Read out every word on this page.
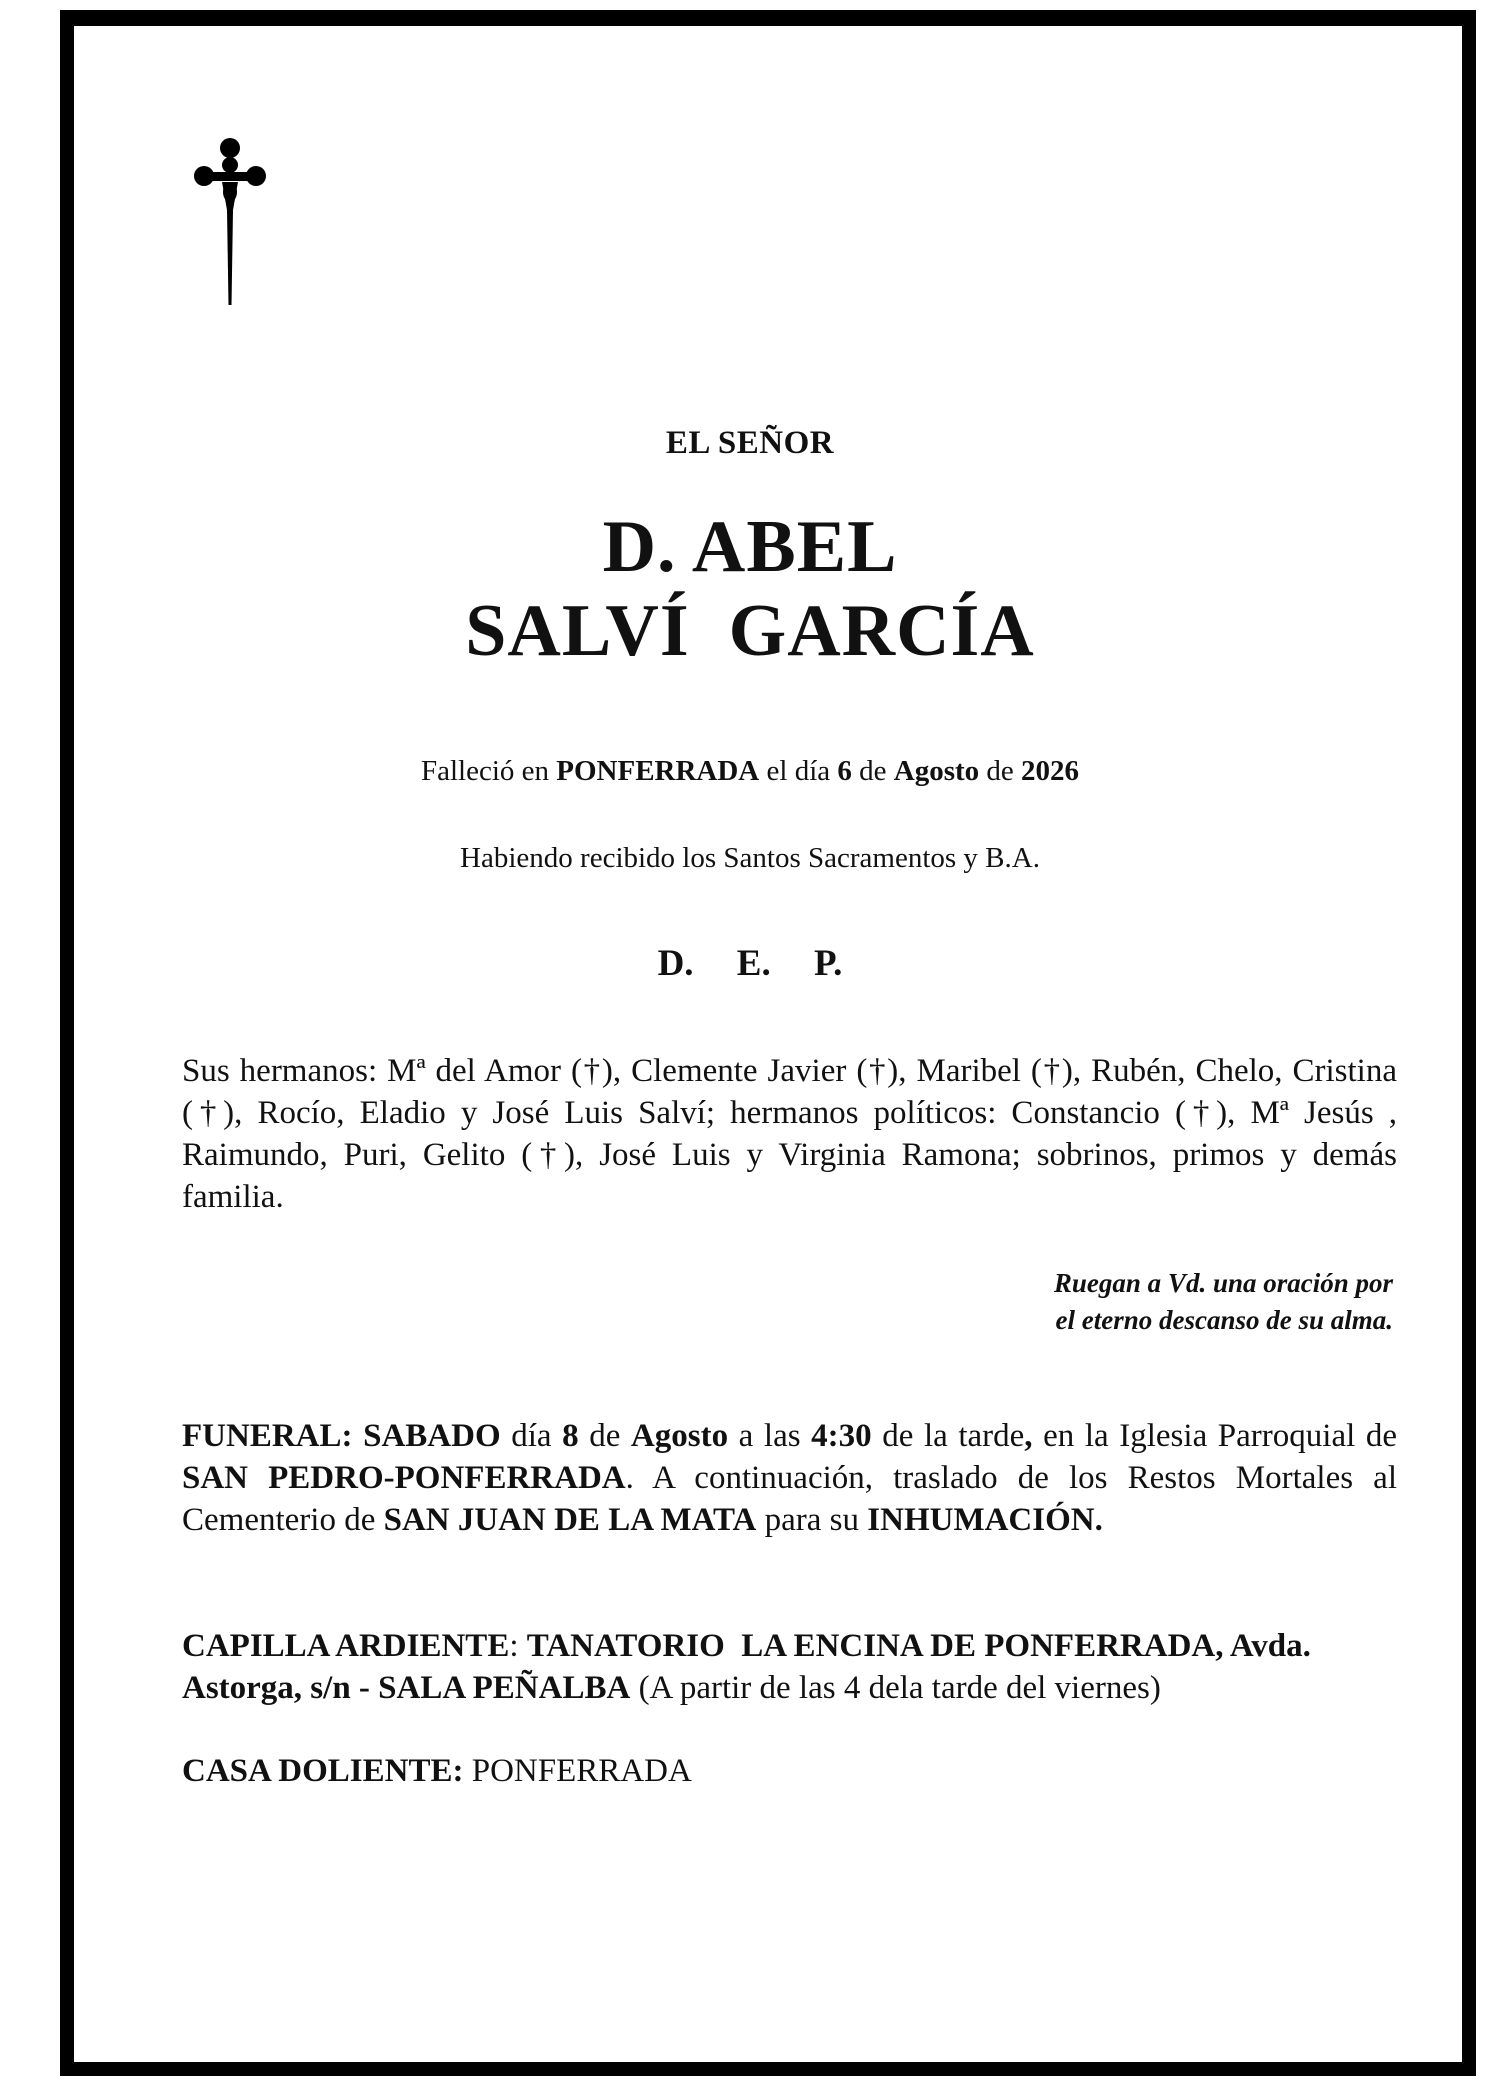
EL SEÑOR
D. ABEL
SALVÍ  GARCÍA
Falleció en PONFERRADA el día 6 de Agosto de 2026
Habiendo recibido los Santos Sacramentos y B.A.
D. E. P.
Sus hermanos: Mª del Amor (†), Clemente Javier (†), Maribel (†), Rubén, Chelo, Cristina (†), Rocío, Eladio y José Luis Salví; hermanos políticos: Constancio (†), Mª Jesús , Raimundo, Puri, Gelito (†), José Luis y Virginia Ramona; sobrinos, primos y demás familia.
Ruegan a Vd. una oración por
el eterno descanso de su alma.
FUNERAL: SABADO día 8 de Agosto a las 4:30 de la tarde, en la Iglesia Parroquial de SAN PEDRO-PONFERRADA. A continuación, traslado de los Restos Mortales al Cementerio de SAN JUAN DE LA MATA para su INHUMACIÓN.
CAPILLA ARDIENTE: TANATORIO  LA ENCINA DE PONFERRADA, Avda. Astorga, s/n - SALA PEÑALBA (A partir de las 4 dela tarde del viernes)
CASA DOLIENTE: PONFERRADA
